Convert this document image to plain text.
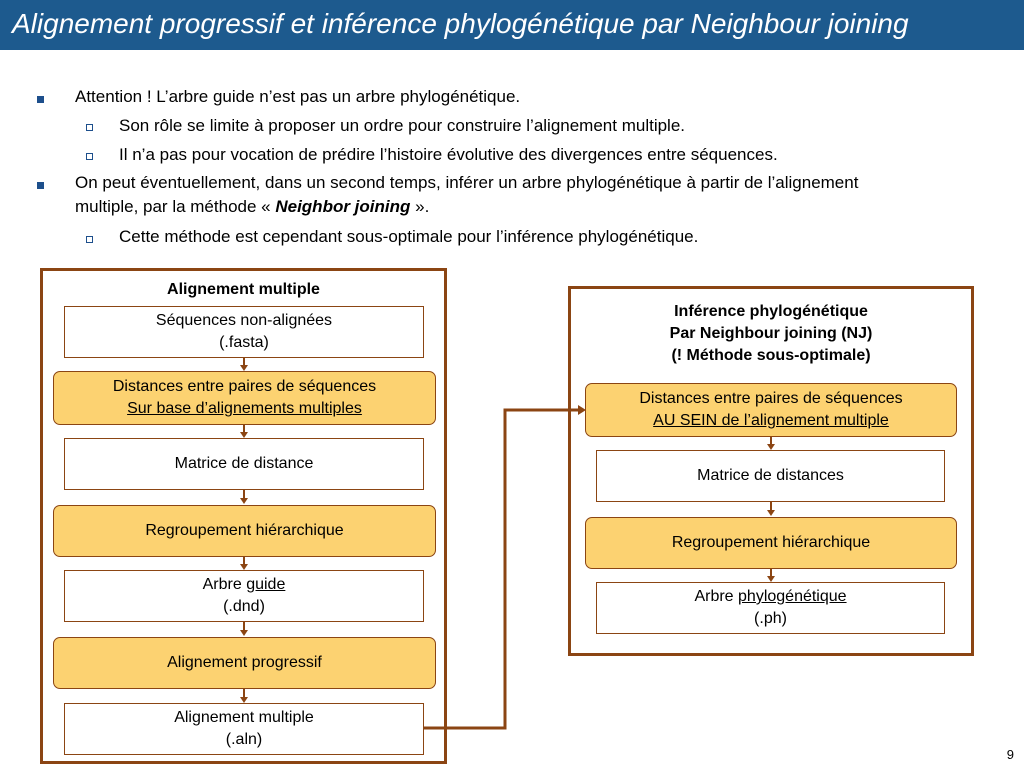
Alignement progressif et inférence phylogénétique par Neighbour joining
Attention ! L’arbre guide n’est pas un arbre phylogénétique.
Son rôle se limite à proposer un ordre pour construire l’alignement multiple.
Il n’a pas pour vocation de prédire l’histoire évolutive des divergences entre séquences.
On peut éventuellement, dans un second temps, inférer un arbre phylogénétique à partir de l’alignement
multiple, par la méthode « Neighbor joining ».
Cette méthode est cependant sous-optimale pour l’inférence phylogénétique.
Alignement multiple
Séquences non-alignées
(.fasta)
Distances entre paires de séquences
Sur base d’alignements multiples
Matrice de distance
Regroupement hiérarchique
Arbre guide
(.dnd)
Alignement progressif
Alignement multiple
(.aln)
Inférence phylogénétique
Par Neighbour joining (NJ)
(! Méthode sous-optimale)
Distances entre paires de séquences
AU SEIN de l’alignement multiple
Matrice de distances
Regroupement hiérarchique
Arbre phylogénétique
(.ph)
9
